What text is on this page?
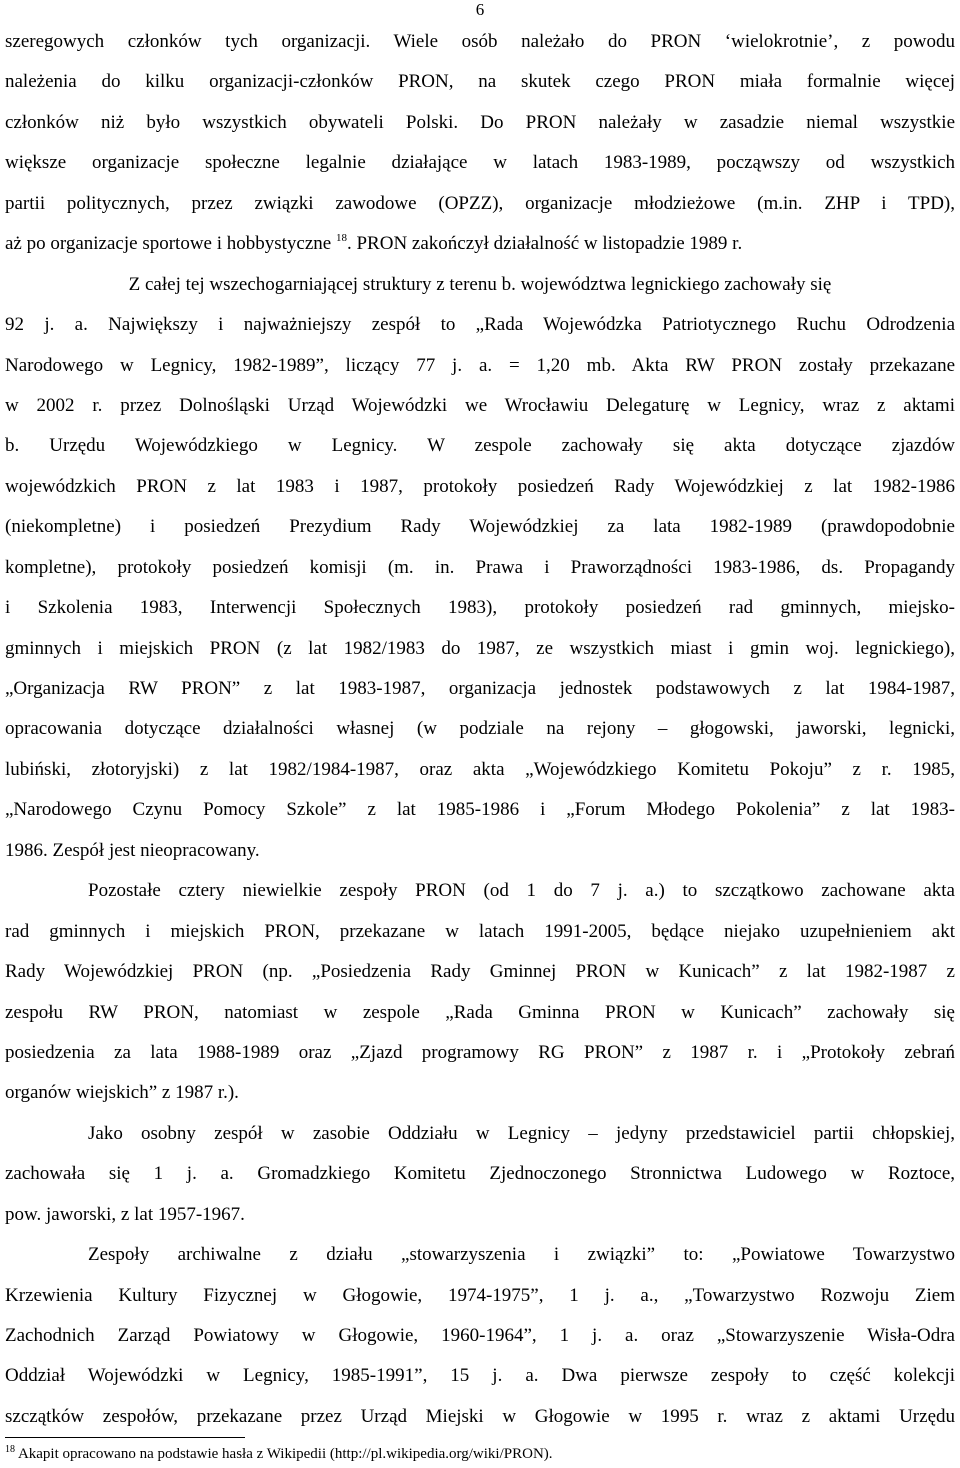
6
szeregowych członków tych organizacji. Wiele osób należało do PRON ‘wielokrotnie’, z powodu
należenia do kilku organizacji-członków PRON, na skutek czego PRON miała formalnie więcej
członków niż było wszystkich obywateli Polski. Do PRON należały w zasadzie niemal wszystkie
większe organizacje społeczne legalnie działające w latach 1983-1989, począwszy od wszystkich
partii politycznych, przez związki zawodowe (OPZZ), organizacje młodzieżowe (m.in. ZHP i TPD),
aż po organizacje sportowe i hobbystyczne $^{18}$. PRON zakończył działalność w listopadzie 1989 r.
Z całej tej wszechogarniającej struktury z terenu b. województwa legnickiego zachowały się
92 j. a. Największy i najważniejszy zespół to „Rada Wojewódzka Patriotycznego Ruchu Odrodzenia
Narodowego w Legnicy, 1982-1989”, liczący 77 j. a. = 1,20 mb. Akta RW PRON zostały przekazane
w 2002 r. przez Dolnośląski Urząd Wojewódzki we Wrocławiu Delegaturę w Legnicy, wraz z aktami
b. Urzędu Wojewódzkiego w Legnicy. W zespole zachowały się akta dotyczące zjazdów
wojewódzkich PRON z lat 1983 i 1987, protokoły posiedzeń Rady Wojewódzkiej z lat 1982-1986
(niekompletne) i posiedzeń Prezydium Rady Wojewódzkiej za lata 1982-1989 (prawdopodobnie
kompletne), protokoły posiedzeń komisji (m. in. Prawa i Praworządności 1983-1986, ds. Propagandy
i Szkolenia 1983, Interwencji Społecznych 1983), protokoły posiedzeń rad gminnych, miejsko-
gminnych i miejskich PRON (z lat 1982/1983 do 1987, ze wszystkich miast i gmin woj. legnickiego),
„Organizacja RW PRON” z lat 1983-1987, organizacja jednostek podstawowych z lat 1984-1987,
opracowania dotyczące działalności własnej (w podziale na rejony – głogowski, jaworski, legnicki,
lubiński, złotoryjski) z lat 1982/1984-1987, oraz akta „Wojewódzkiego Komitetu Pokoju” z r. 1985,
„Narodowego Czynu Pomocy Szkole” z lat 1985-1986 i „Forum Młodego Pokolenia” z lat 1983-
1986. Zespół jest nieopracowany.
Pozostałe cztery niewielkie zespoły PRON (od 1 do 7 j. a.) to szczątkowo zachowane akta
rad gminnych i miejskich PRON, przekazane w latach 1991-2005, będące niejako uzupełnieniem akt
Rady Wojewódzkiej PRON (np. „Posiedzenia Rady Gminnej PRON w Kunicach” z lat 1982-1987 z
zespołu RW PRON, natomiast w zespole „Rada Gminna PRON w Kunicach” zachowały się
posiedzenia za lata 1988-1989 oraz „Zjazd programowy RG PRON” z 1987 r. i „Protokoły zebrań
organów wiejskich” z 1987 r.).
Jako osobny zespół w zasobie Oddziału w Legnicy – jedyny przedstawiciel partii chłopskiej,
zachowała się 1 j. a. Gromadzkiego Komitetu Zjednoczonego Stronnictwa Ludowego w Roztoce,
pow. jaworski, z lat 1957-1967.
Zespoły archiwalne z działu „stowarzyszenia i związki” to: „Powiatowe Towarzystwo
Krzewienia Kultury Fizycznej w Głogowie, 1974-1975”, 1 j. a., „Towarzystwo Rozwoju Ziem
Zachodnich Zarząd Powiatowy w Głogowie, 1960-1964”, 1 j. a. oraz „Stowarzyszenie Wisła-Odra
Oddział Wojewódzki w Legnicy, 1985-1991”, 15 j. a. Dwa pierwsze zespoły to część kolekcji
szczątków zespołów, przekazane przez Urząd Miejski w Głogowie w 1995 r. wraz z aktami Urzędu
$^{18}$ Akapit opracowano na podstawie hasła z Wikipedii (http://pl.wikipedia.org/wiki/PRON).
